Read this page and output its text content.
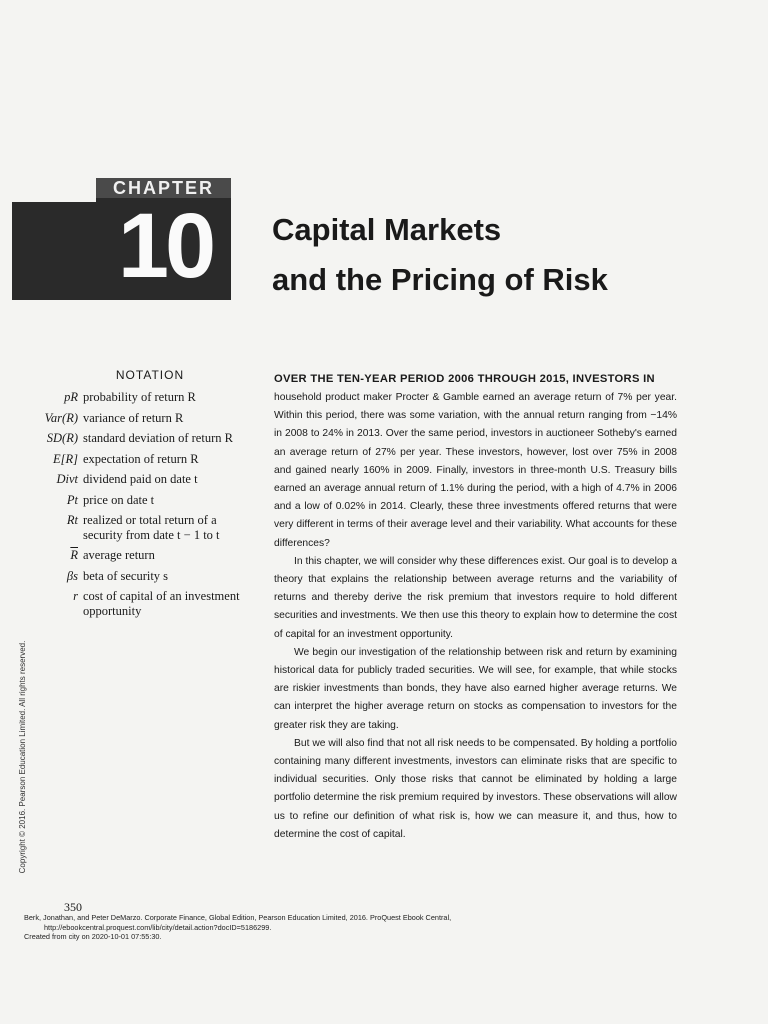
CHAPTER
10	Capital Markets
and the Pricing of Risk
NOTATION
pR probability of return R
Var(R) variance of return R
SD(R) standard deviation of return R
E[R] expectation of return R
Divt dividend paid on date t
Pt price on date t
Rt realized or total return of a security from date t − 1 to t
$\overline{R}$ average return
βs beta of security s
r cost of capital of an investment opportunity
OVER THE TEN-YEAR PERIOD 2006 THROUGH 2015, INVESTORS IN

household product maker Procter & Gamble earned an average return of 7% per year. Within this period, there was some variation, with the annual return ranging from −14% in 2008 to 24% in 2013. Over the same period, investors in auctioneer Sotheby's earned an average return of 27% per year. These investors, however, lost over 75% in 2008 and gained nearly 160% in 2009. Finally, investors in three-month U.S. Treasury bills earned an average annual return of 1.1% during the period, with a high of 4.7% in 2006 and a low of 0.02% in 2014. Clearly, these three investments offered returns that were very different in terms of their average level and their variability. What accounts for these differences?

In this chapter, we will consider why these differences exist. Our goal is to develop a theory that explains the relationship between average returns and the variability of returns and thereby derive the risk premium that investors require to hold different securities and investments. We then use this theory to explain how to determine the cost of capital for an investment opportunity.

We begin our investigation of the relationship between risk and return by examining historical data for publicly traded securities. We will see, for example, that while stocks are riskier investments than bonds, they have also earned higher average returns. We can interpret the higher average return on stocks as compensation to investors for the greater risk they are taking.

But we will also find that not all risk needs to be compensated. By holding a portfolio containing many different investments, investors can eliminate risks that are specific to individual securities. Only those risks that cannot be eliminated by holding a large portfolio determine the risk premium required by investors. These observations will allow us to refine our definition of what risk is, how we can measure it, and thus, how to determine the cost of capital.

Copyright © 2016. Pearson Education Limited. All rights reserved.
350
Berk, Jonathan, and Peter DeMarzo. Corporate Finance, Global Edition, Pearson Education Limited, 2016. ProQuest Ebook Central,
http://ebookcentral.proquest.com/lib/city/detail.action?docID=5186299.
Created from city on 2020-10-01 07:55:30.
